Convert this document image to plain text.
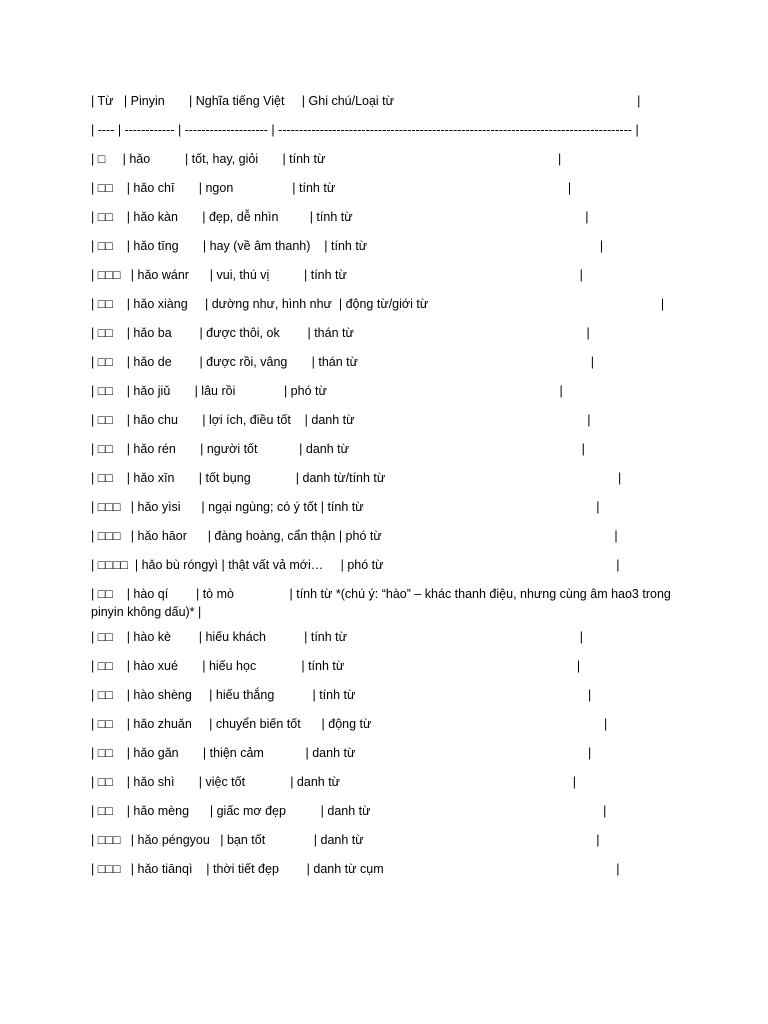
| Từ   | Pinyin       | Nghĩa tiếng Việt     | Ghi chú/Loại từ                                                                      |

| ---- | ------------ | -------------------- | ------------------------------------------------------------------------------------- |

| □     | hǎo          | tốt, hay, giỏi       | tính từ                                                                   |

| □□    | hǎo chī       | ngon                 | tính từ                                                                   |

| □□    | hǎo kàn       | đẹp, dễ nhìn         | tính từ                                                                   |

| □□    | hǎo tīng       | hay (về âm thanh)    | tính từ                                                                   |

| □□□   | hǎo wánr      | vui, thú vị          | tính từ                                                                   |

| □□    | hǎo xiàng     | dường như, hình như  | động từ/giới từ                                                                   |

| □□    | hǎo ba        | được thôi, ok        | thán từ                                                                   |

| □□    | hǎo de        | được rồi, vâng       | thán từ                                                                   |

| □□    | hǎo jiǔ       | lâu rồi              | phó từ                                                                   |

| □□    | hǎo chu       | lợi ích, điều tốt    | danh từ                                                                   |

| □□    | hǎo rén       | người tốt            | danh từ                                                                   |

| □□    | hǎo xīn       | tốt bụng             | danh từ/tính từ                                                                   |

| □□□   | hǎo yìsi      | ngại ngùng; có ý tốt | tính từ                                                                   |

| □□□   | hǎo hāor      | đàng hoàng, cẩn thận | phó từ                                                                   |

| □□□□  | hǎo bù róngyì | thật vất vả mới…     | phó từ                                                                   |

| □□    | hào qí        | tò mò                | tính từ *(chú ý: “hào” – khác thanh điệu, nhưng cùng âm hao3 trong pinyin không dấu)* |

| □□    | hào kè        | hiếu khách           | tính từ                                                                   |

| □□    | hào xué       | hiếu học             | tính từ                                                                   |

| □□    | hào shèng     | hiếu thắng           | tính từ                                                                   |

| □□    | hǎo zhuǎn     | chuyển biến tốt      | động từ                                                                   |

| □□    | hǎo gǎn       | thiện cảm            | danh từ                                                                   |

| □□    | hǎo shì       | việc tốt             | danh từ                                                                   |

| □□    | hǎo mèng      | giấc mơ đẹp          | danh từ                                                                   |

| □□□   | hǎo péngyou   | bạn tốt              | danh từ                                                                   |

| □□□   | hǎo tiānqì    | thời tiết đẹp        | danh từ cụm                                                                   |
